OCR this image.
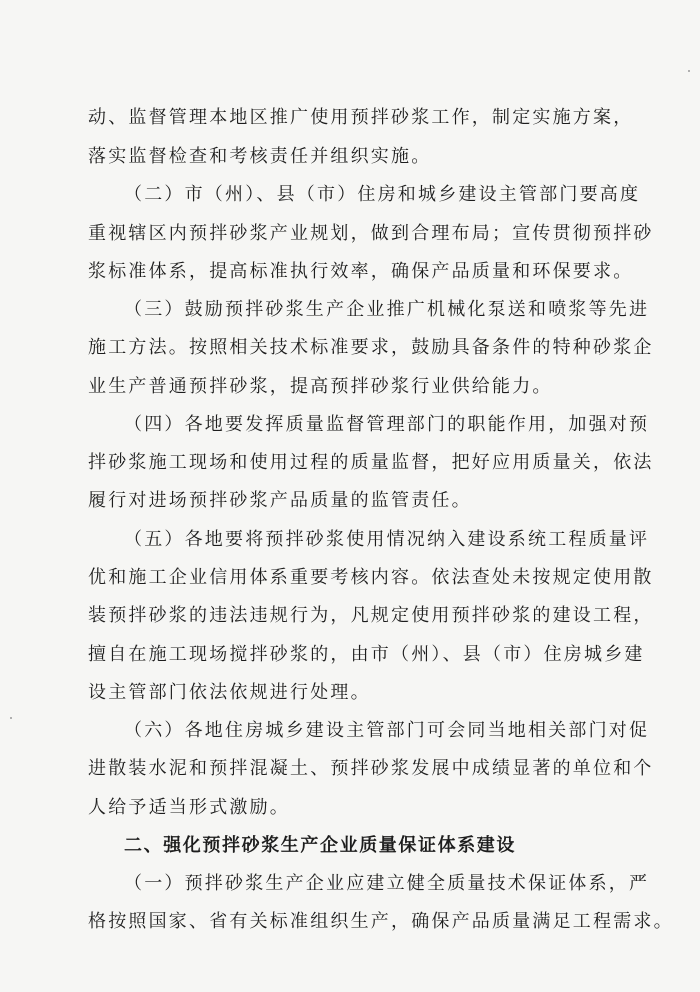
动、监督管理本地区推广使用预拌砂浆工作，制定实施方案，
落实监督检查和考核责任并组织实施。
（二）市（州）、县（市）住房和城乡建设主管部门要高度
重视辖区内预拌砂浆产业规划，做到合理布局；宣传贯彻预拌砂
浆标准体系，提高标准执行效率，确保产品质量和环保要求。
（三）鼓励预拌砂浆生产企业推广机械化泵送和喷浆等先进
施工方法。按照相关技术标准要求，鼓励具备条件的特种砂浆企
业生产普通预拌砂浆，提高预拌砂浆行业供给能力。
（四）各地要发挥质量监督管理部门的职能作用，加强对预
拌砂浆施工现场和使用过程的质量监督，把好应用质量关，依法
履行对进场预拌砂浆产品质量的监管责任。
（五）各地要将预拌砂浆使用情况纳入建设系统工程质量评
优和施工企业信用体系重要考核内容。依法查处未按规定使用散
装预拌砂浆的违法违规行为，凡规定使用预拌砂浆的建设工程，
擅自在施工现场搅拌砂浆的，由市（州）、县（市）住房城乡建
设主管部门依法依规进行处理。
（六）各地住房城乡建设主管部门可会同当地相关部门对促
进散装水泥和预拌混凝土、预拌砂浆发展中成绩显著的单位和个
人给予适当形式激励。
二、强化预拌砂浆生产企业质量保证体系建设
（一）预拌砂浆生产企业应建立健全质量技术保证体系，严
格按照国家、省有关标准组织生产，确保产品质量满足工程需求。
